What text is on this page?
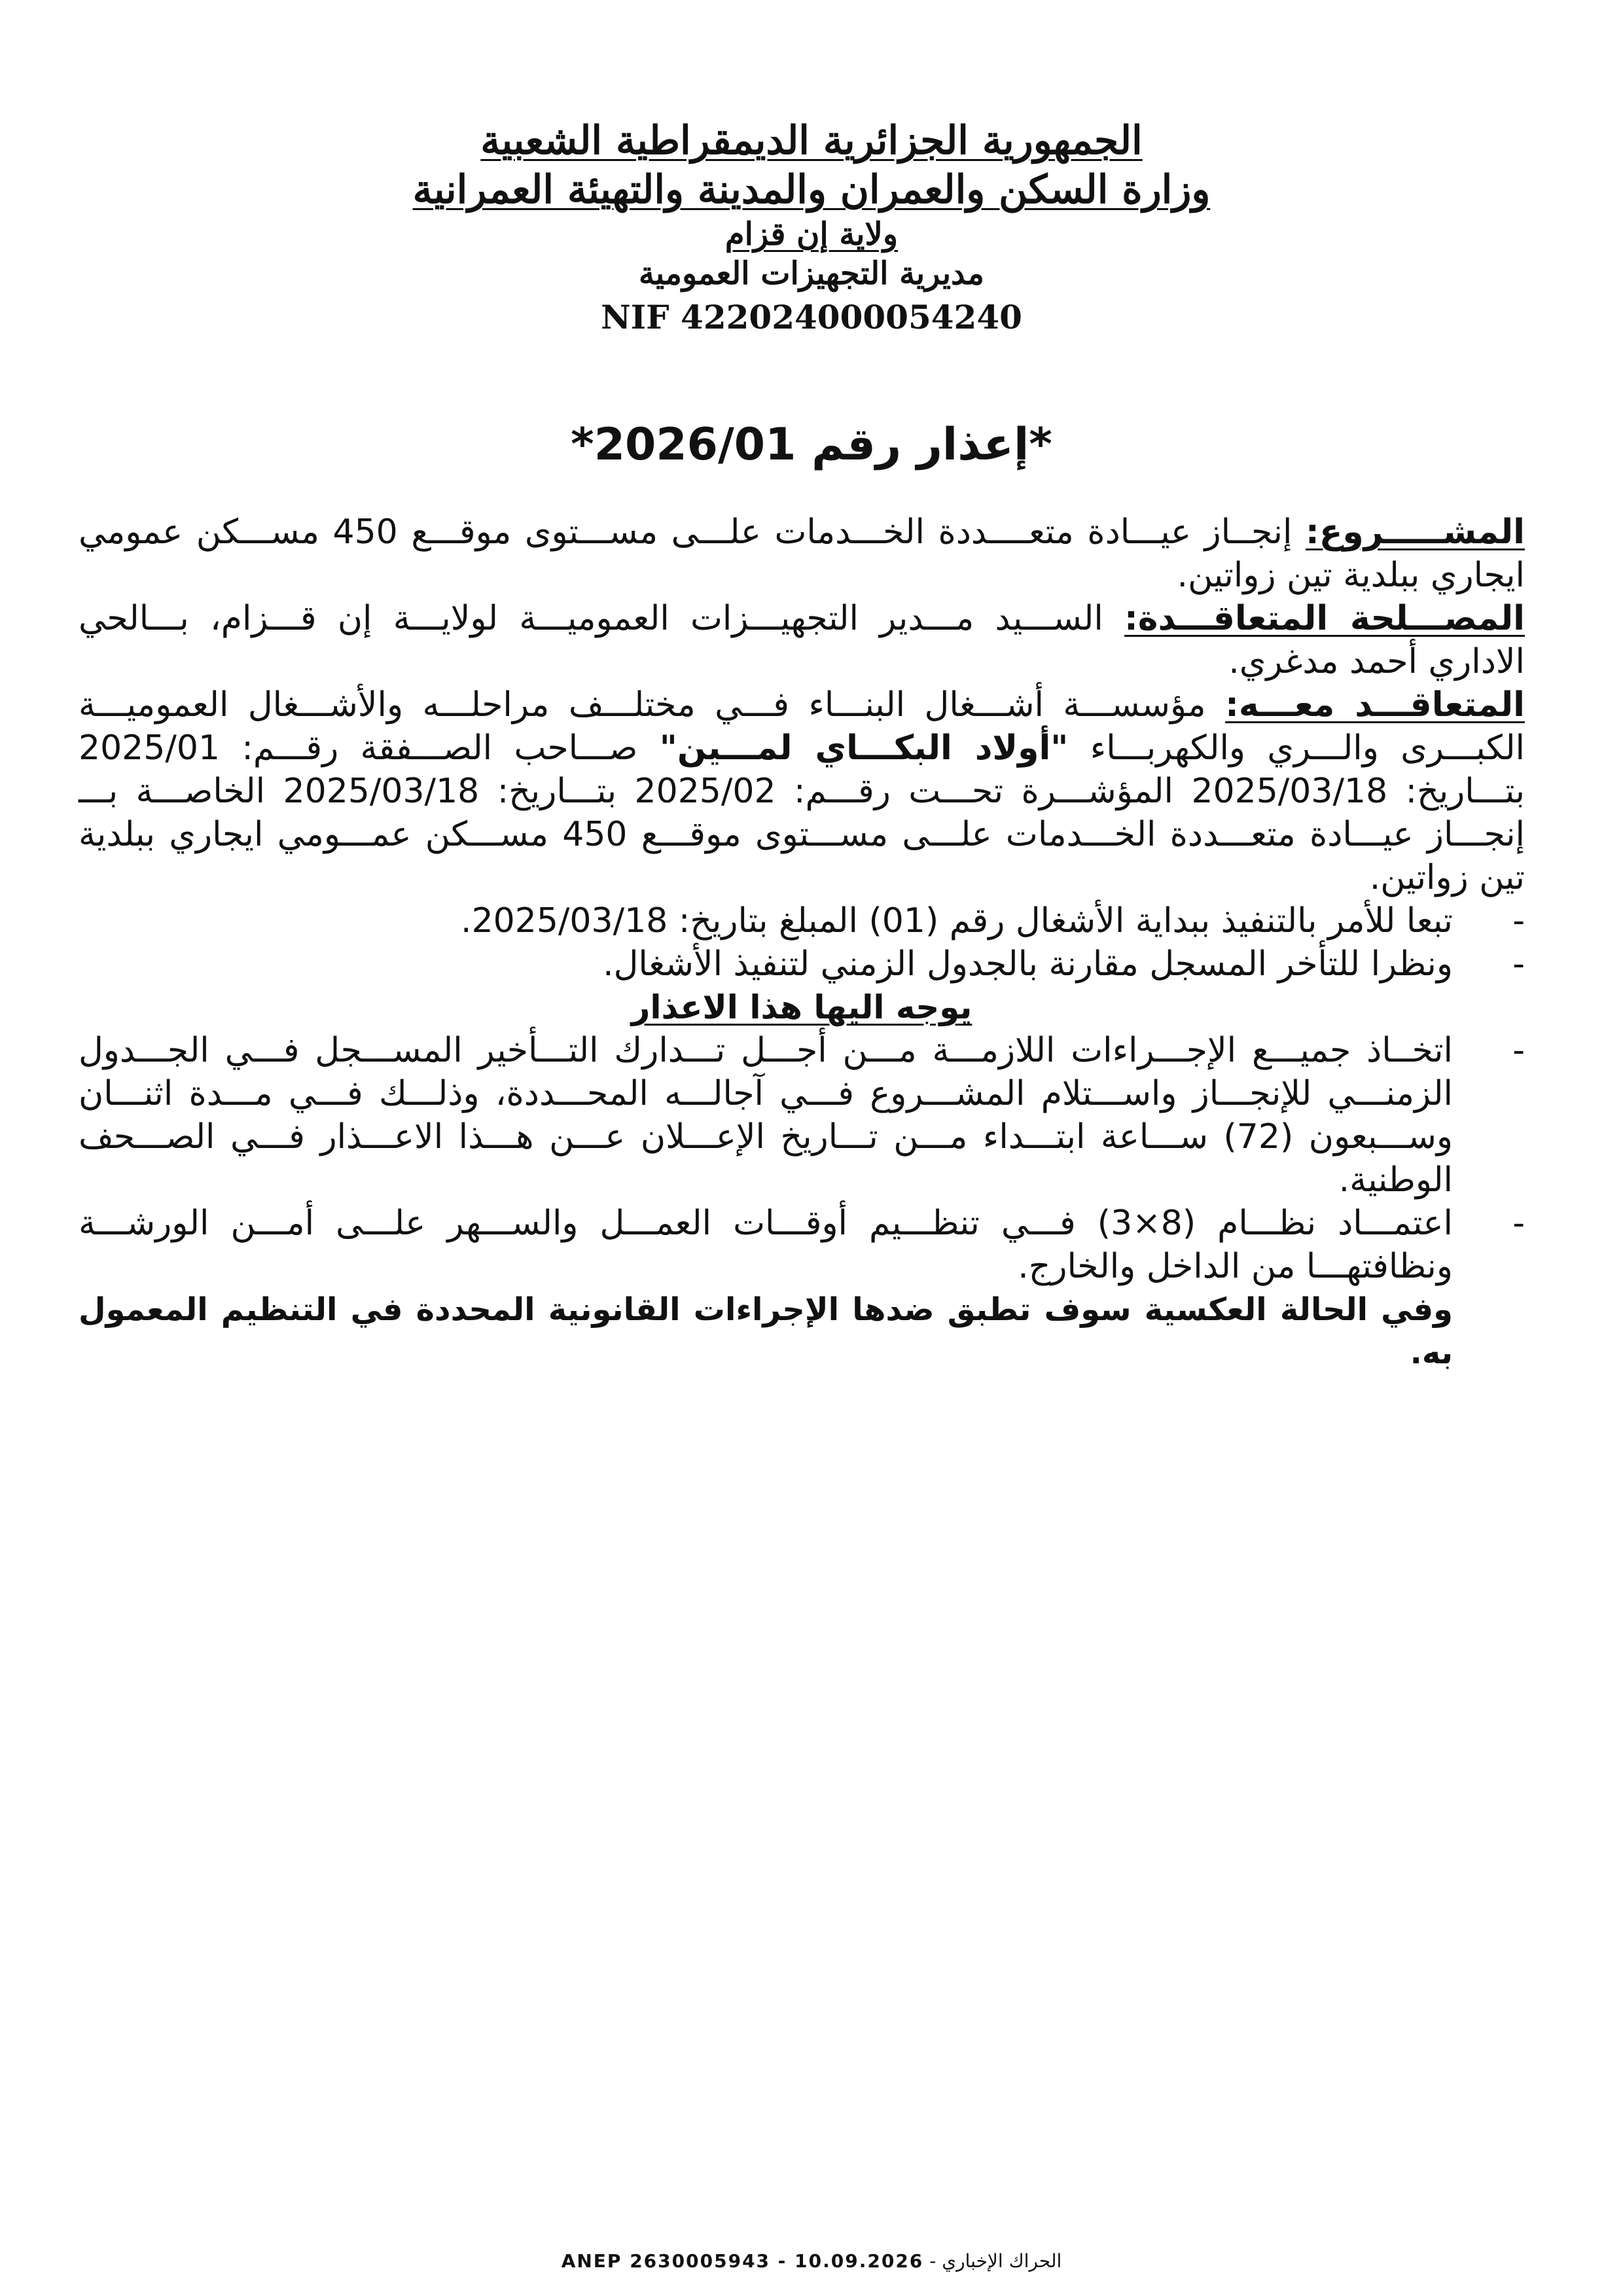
الجمهورية الجزائرية الديمقراطية الشعبية
وزارة السكن والعمران والمدينة والتهيئة العمرانية
ولاية إن قزام
مديرية التجهيزات العمومية
NIF 422024000054240
*إعذار رقم 2026/01*

المشـــــروع: إنجــاز عيـــادة متعــــددة الخـــدمات علـــى مســـتوى موقـــع 450 مســـكن عمومي ايجاري ببلدية تين زواتين.

المصـــلحة المتعاقـــدة: الســـيد مـــدير التجهيـــزات العموميـــة لولايـــة إن قـــزام، بـــالحي الاداري أحمد مدغري.

المتعاقـــد معـــه: مؤسســـة أشـــغال البنـــاء فـــي مختلـــف مراحلـــه والأشـــغال العموميـــة الكبـــرى والـــري والكهربـــاء "أولاد البكـــاي لمـــين" صـــاحب الصـــفقة رقـــم: 2025/01 بتـــاريخ: 2025/03/18 المؤشـــرة تحـــت رقـــم: 2025/02 بتـــاريخ: 2025/03/18 الخاصـــة بـــ إنجـــاز عيـــادة متعـــددة الخـــدمات علـــى مســـتوى موقـــع 450 مســـكن عمـــومي ايجاري ببلدية تين زواتين.

- تبعا للأمر بالتنفيذ ببداية الأشغال رقم (01) المبلغ بتاريخ: 2025/03/18.
- ونظرا للتأخر المسجل مقارنة بالجدول الزمني لتنفيذ الأشغال.
يوجه اليها هذا الاعذار
- اتخــاذ جميـــع الإجـــراءات اللازمـــة مـــن أجـــل تـــدارك التـــأخير المســـجل فـــي الجـــدول الزمنـــي للإنجـــاز واســـتلام المشـــروع فـــي آجالـــه المحـــددة، وذلـــك فـــي مـــدة اثنـــان وســـبعون (72) ســـاعة ابتـــداء مـــن تـــاريخ الإعـــلان عـــن هـــذا الاعـــذار فـــي الصـــحف الوطنية.
- اعتمـــاد نظـــام (8×3) فـــي تنظـــيم أوقـــات العمـــل والســـهر علـــى أمـــن الورشـــة ونظافتهـــا من الداخل والخارج.

وفي الحالة العكسية سوف تطبق ضدها الإجراءات القانونية المحددة في التنظيم المعمول به.

ANEP 2630005943 - 10.09.2026 - الحراك الإخباري
